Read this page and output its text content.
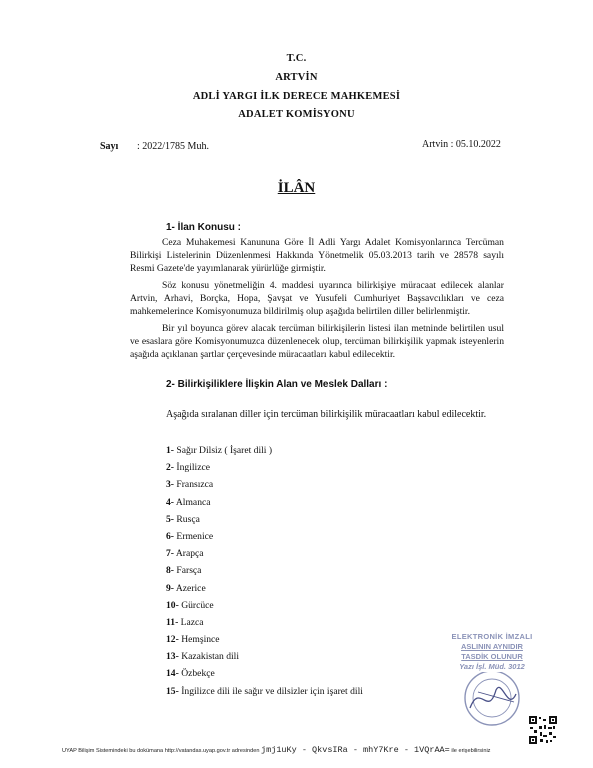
T.C.
ARTVİN
ADLİ YARGI İLK DERECE MAHKEMESİ
ADALET KOMİSYONU
Sayı : 2022/1785 Muh.	Artvin : 05.10.2022
İLÂN
1- İlan Konusu :
Ceza Muhakemesi Kanununa Göre İl Adli Yargı Adalet Komisyonlarınca Tercüman Bilirkişi Listelerinin Düzenlenmesi Hakkında Yönetmelik 05.03.2013 tarih ve 28578 sayılı Resmi Gazete'de yayımlanarak yürürlüğe girmiştir.
Söz konusu yönetmeliğin 4. maddesi uyarınca bilirkişiye müracaat edilecek alanlar Artvin, Arhavi, Borçka, Hopa, Şavşat ve Yusufeli Cumhuriyet Başsavcılıkları ve ceza mahkemelerince Komisyonumuza bildirilmiş olup aşağıda belirtilen diller belirlenmiştir.
Bir yıl boyunca görev alacak tercüman bilirkişilerin listesi ilan metninde belirtilen usul ve esaslara göre Komisyonumuzca düzenlenecek olup, tercüman bilirkişilik yapmak isteyenlerin aşağıda açıklanan şartlar çerçevesinde müracaatları kabul edilecektir.
2- Bilirkişiliklere İlişkin Alan ve Meslek Dalları :
Aşağıda sıralanan diller için tercüman bilirkişilik müracaatları kabul edilecektir.
1- Sağır Dilsiz ( İşaret dili )
2- İngilizce
3- Fransızca
4- Almanca
5- Rusça
6- Ermenice
7- Arapça
8- Farsça
9- Azerice
10- Gürcüce
11- Lazca
12- Hemşince
13- Kazakistan dili
14- Özbekçe
15- İngilizce dili ile sağır ve dilsizler için işaret dili
ELEKTRONİK İMZALI
ASLININ AYNIDIR
TASDİK OLUNUR
Yazı İşl. Müd. 3012
UYAP Bilişim Sistemindeki bu dokümana http://vatandas.uyap.gov.tr adresinden jmj1uKy - QkvsIRa - mhY7Kre - 1VQrAA= ile erişebilirsiniz
